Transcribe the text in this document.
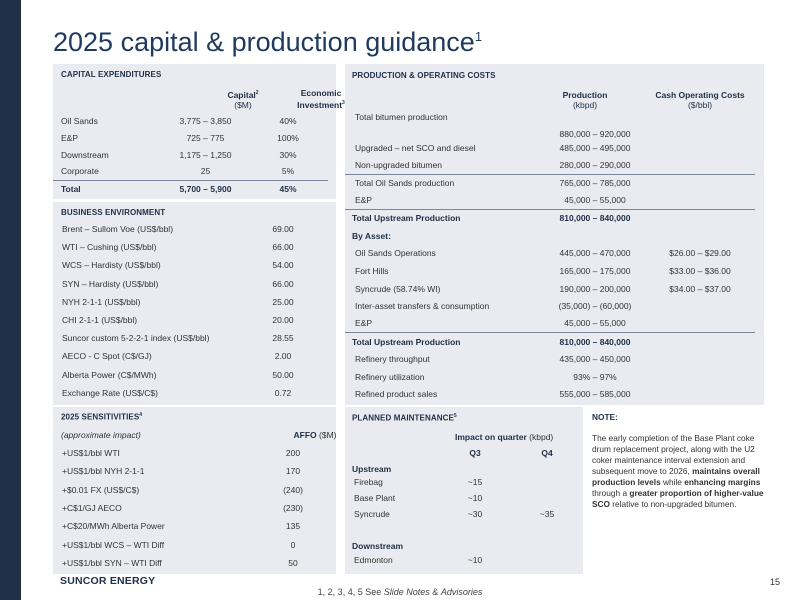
2025 capital & production guidance$^1$
CAPITAL EXPENDITURES
Capital$^2$
($M)
Economic Investment$^3$
Oil Sands	3,775 – 3,850	40%
E&P	725 – 775	100%
Downstream	1,175 – 1,250	30%
Corporate	25	5%
Total	5,700 – 5,900	45%
BUSINESS ENVIRONMENT
Brent – Sullom Voe (US$/bbl)	69.00
WTI – Cushing (US$/bbl)	66.00
WCS – Hardisty (US$/bbl)	54.00
SYN – Hardisty (US$/bbl)	66.00
NYH 2-1-1 (US$/bbl)	25.00
CHI 2-1-1 (US$/bbl)	20.00
Suncor custom 5-2-2-1 index (US$/bbl)	28.55
AECO - C Spot (C$/GJ)	2.00
Alberta Power (C$/MWh)	50.00
Exchange Rate (US$/C$)	0.72
2025 SENSITIVITIES$^4$
(approximate impact)	AFFO ($M)
+US$1/bbl WTI	200
+US$1/bbl NYH 2-1-1	170
+$0.01 FX (US$/C$)	(240)
+C$1/GJ AECO	(230)
+C$20/MWh Alberta Power	135
+US$1/bbl WCS – WTI Diff	0
+US$1/bbl SYN – WTI Diff	50
PRODUCTION & OPERATING COSTS
Production
(kbpd)
Cash Operating Costs
($/bbl)
Total bitumen production	880,000 – 920,000	
Upgraded – net SCO and diesel	485,000 – 495,000	
Non-upgraded bitumen	280,000 – 290,000	
Total Oil Sands production	765,000 – 785,000	
E&P	45,000 – 55,000	
Total Upstream Production	810,000 – 840,000	
By Asset:		
Oil Sands Operations	445,000 – 470,000	$26.00 – $29.00
Fort Hills	165,000 – 175,000	$33.00 – $36.00
Syncrude (58.74% WI)	190,000 – 200,000	$34.00 – $37.00
Inter-asset transfers & consumption	(35,000) – (60,000)	
E&P	45,000 – 55,000	
Total Upstream Production	810,000 – 840,000	
Refinery throughput	435,000 – 450,000	
Refinery utilization	93% – 97%	
Refined product sales	555,000 – 585,000	
PLANNED MAINTENANCE$^5$
Impact on quarter (kbpd)
Q3	Q4
Upstream
Firebag	~15
Base Plant	~10
Syncrude	~30	~35
Downstream
Edmonton	~10
NOTE:
The early completion of the Base Plant coke drum replacement project, along with the U2 coker maintenance interval extension and subsequent move to 2026, maintains overall production levels while enhancing margins through a greater proportion of higher-value SCO relative to non-upgraded bitumen.
SUNCOR ENERGY
1, 2, 3, 4, 5 See Slide Notes & Advisories
15
